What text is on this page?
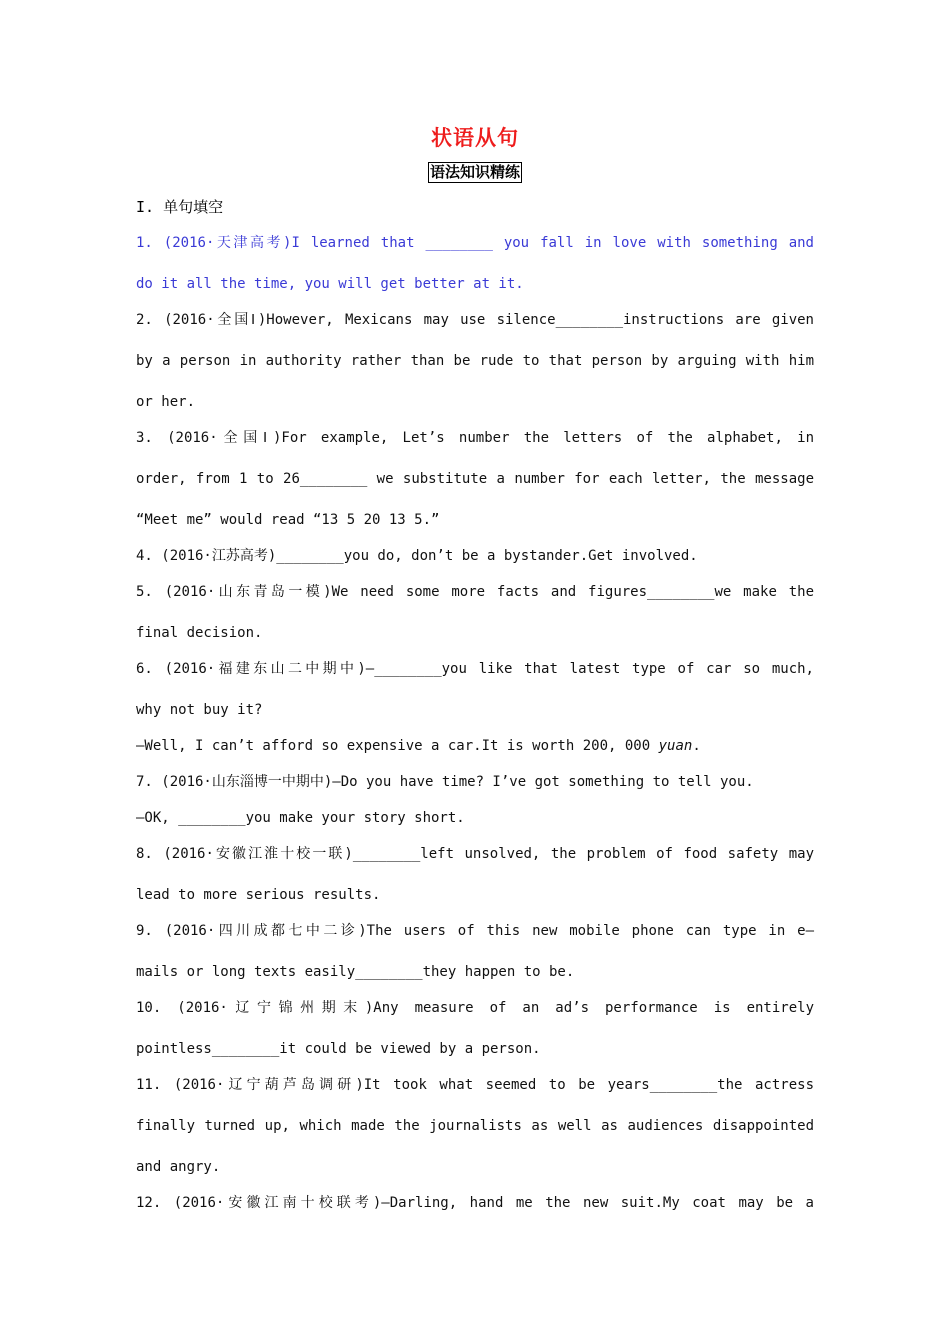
状语从句
语法知识精练
I. 单句填空
1. (2016·天津高考)I learned that ________ you fall in love with something and
do it all the time, you will get better at it.
2. (2016·全国Ⅰ)However, Mexicans may use silence________instructions are given
by a person in authority rather than be rude to that person by arguing with him
or her.
3. (2016·全国Ⅰ)For example, Let’s number the letters of the alphabet, in
order, from 1 to 26________ we substitute a number for each letter, the message
“Meet me” would read “13 5 20 13 5.”
4. (2016·江苏高考)________you do, don’t be a bystander.Get involved.
5. (2016·山东青岛一模)We need some more facts and figures________we make the
final decision.
6. (2016·福建东山二中期中)—________you like that latest type of car so much,
why not buy it?
—Well, I can’t afford so expensive a car.It is worth 200, 000 yuan.
7. (2016·山东淄博一中期中)—Do you have time? I’ve got something to tell you.
—OK, ________you make your story short.
8. (2016·安徽江淮十校一联)________left unsolved, the problem of food safety may
lead to more serious results.
9. (2016·四川成都七中二诊)The users of this new mobile phone can type in e—
mails or long texts easily________they happen to be.
10. (2016·辽宁锦州期末)Any measure of an ad’s performance is entirely
pointless________it could be viewed by a person.
11. (2016·辽宁葫芦岛调研)It took what seemed to be years________the actress
finally turned up, which made the journalists as well as audiences disappointed
and angry.
12. (2016·安徽江南十校联考)—Darling, hand me the new suit.My coat may be a
